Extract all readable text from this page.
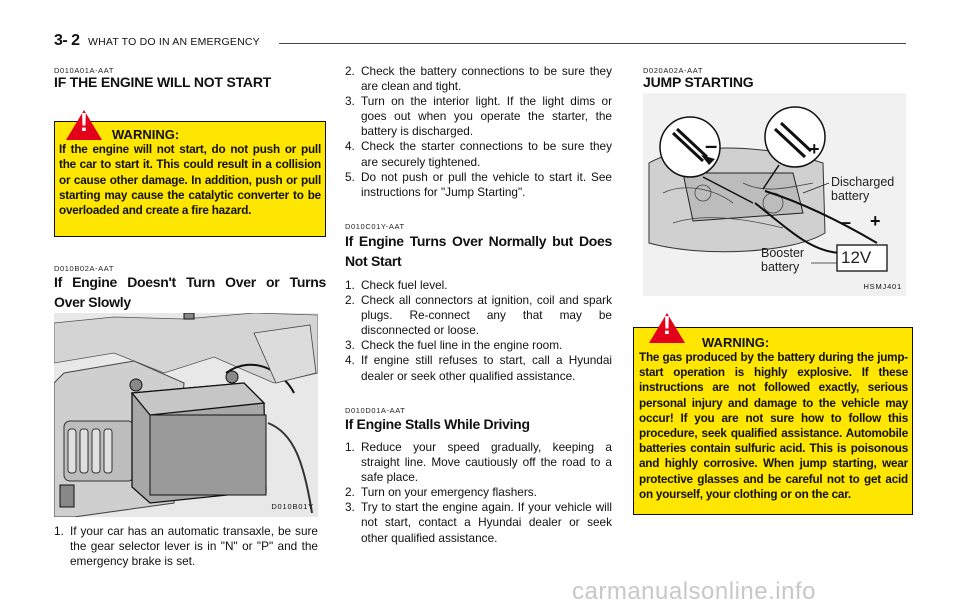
3- 2 WHAT TO DO IN AN EMERGENCY
D010A01A-AAT
IF THE ENGINE WILL NOT START
!	WARNING:
If the engine will not start, do not push or pull the car to start it. This could result in a collision or cause other damage. In addition, push or pull starting may cause the catalytic converter to be overloaded and create a fire hazard.
D010B02A-AAT
If Engine Doesn't Turn Over or Turns
Over Slowly
D010B01Y
1. If your car has an automatic transaxle, be sure the gear selector lever is in "N" or "P" and the emergency brake is set.
2. Check the battery connections to be sure they are clean and tight.
3. Turn on the interior light. If the light dims or goes out when you operate the starter, the battery is discharged.
4. Check the starter connections to be sure they are securely tightened.
5. Do not push or pull the vehicle to start it. See instructions for "Jump Starting".
D010C01Y-AAT
If Engine Turns Over Normally but Does
Not Start
1. Check fuel level.
2. Check all connectors at ignition, coil and spark plugs. Re-connect any that may be disconnected or loose.
3. Check the fuel line in the engine room.
4. If engine still refuses to start, call a Hyundai dealer or seek other qualified assistance.
D010D01A-AAT
If Engine Stalls While Driving
1. Reduce your speed gradually, keeping a straight line. Move cautiously off the road to a safe place.
2. Turn on your emergency flashers.
3. Try to start the engine again. If your vehicle will not start, contact a Hyundai dealer or seek other qualified assistance.
D020A02A-AAT
JUMP STARTING
–	+
Discharged
battery
– +
Booster
battery 12V
HSMJ401
!
WARNING:
The gas produced by the battery during the jump-start operation is highly explosive. If these instructions are not followed exactly, serious personal injury and damage to the vehicle may occur! If you are not sure how to follow this procedure, seek qualified assistance. Automobile batteries contain sulfuric acid. This is poisonous and highly corrosive. When jump starting, wear protective glasses and be careful not to get acid on yourself, your clothing or on the car.
carmanualsonline.info
